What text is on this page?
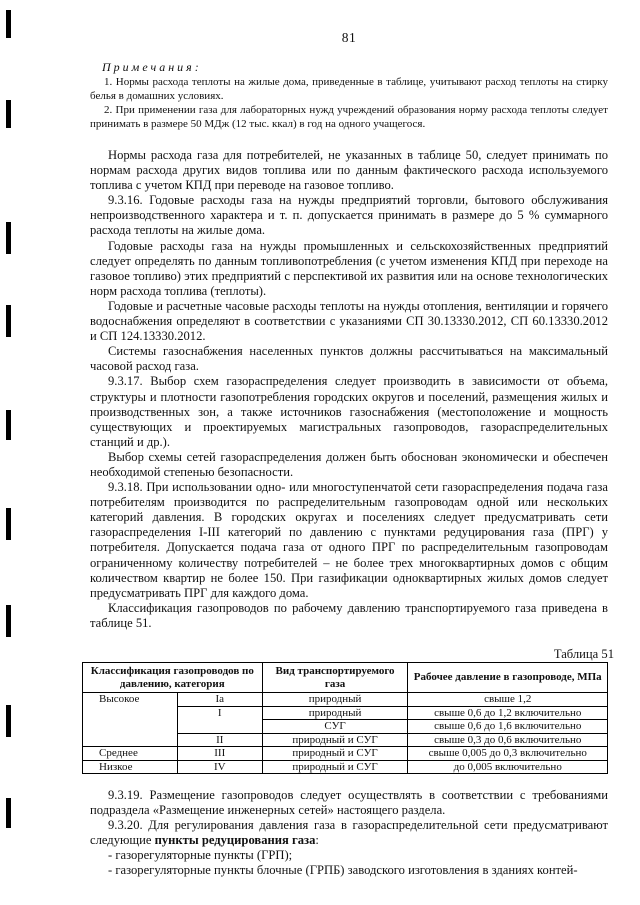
81
Примечания:

1. Нормы расхода теплоты на жилые дома, приведенные в таблице, учитывают расход теплоты на стирку белья в домашних условиях.

2. При применении газа для лабораторных нужд учреждений образования норму расхода теплоты следует принимать в размере 50 МДж (12 тыс. ккал) в год на одного учащегося.

Нормы расхода газа для потребителей, не указанных в таблице 50, следует принимать по нормам расхода других видов топлива или по данным фактического расхода используемого топлива с учетом КПД при переводе на газовое топливо.

9.3.16. Годовые расходы газа на нужды предприятий торговли, бытового обслуживания непроизводственного характера и т. п. допускается принимать в размере до 5 % суммарного расхода теплоты на жилые дома.

Годовые расходы газа на нужды промышленных и сельскохозяйственных предприятий следует определять по данным топливопотребления (с учетом изменения КПД при переходе на газовое топливо) этих предприятий с перспективой их развития или на основе технологических норм расхода топлива (теплоты).

Годовые и расчетные часовые расходы теплоты на нужды отопления, вентиляции и горячего водоснабжения определяют в соответствии с указаниями СП 30.13330.2012, СП 60.13330.2012 и СП 124.13330.2012.

Системы газоснабжения населенных пунктов должны рассчитываться на максимальный часовой расход газа.

9.3.17. Выбор схем газораспределения следует производить в зависимости от объема, структуры и плотности газопотребления городских округов и поселений, размещения жилых и производственных зон, а также источников газоснабжения (местоположение и мощность существующих и проектируемых магистральных газопроводов, газораспределительных станций и др.).

Выбор схемы сетей газораспределения должен быть обоснован экономически и обеспечен необходимой степенью безопасности.

9.3.18. При использовании одно- или многоступенчатой сети газораспределения подача газа потребителям производится по распределительным газопроводам одной или нескольких категорий давления. В городских округах и поселениях следует предусматривать сети газораспределения I-III категорий по давлению с пунктами редуцирования газа (ПРГ) у потребителя. Допускается подача газа от одного ПРГ по распределительным газопроводам ограниченному количеству потребителей – не более трех многоквартирных домов с общим количеством квартир не более 150. При газификации одноквартирных жилых домов следует предусматривать ПРГ для каждого дома.

Классификация газопроводов по рабочему давлению транспортируемого газа приведена в таблице 51.

Таблица 51
Классификация газопроводов по давлению, категория		Вид транспортируемого газа	Рабочее давление в газопроводе, МПа
Высокое	Ia	природный	свыше 1,2
	I	природный	свыше 0,6 до 1,2 включительно
		СУГ	свыше 0,6 до 1,6 включительно
	II	природный и СУГ	свыше 0,3 до 0,6 включительно
Среднее	III	природный и СУГ	свыше 0,005 до 0,3 включительно
Низкое	IV	природный и СУГ	до 0,005 включительно

9.3.19. Размещение газопроводов следует осуществлять в соответствии с требованиями подраздела «Размещение инженерных сетей» настоящего раздела.

9.3.20. Для регулирования давления газа в газораспределительной сети предусматривают следующие пункты редуцирования газа:

- газорегуляторные пункты (ГРП);

- газорегуляторные пункты блочные (ГРПБ) заводского изготовления в зданиях контей-
